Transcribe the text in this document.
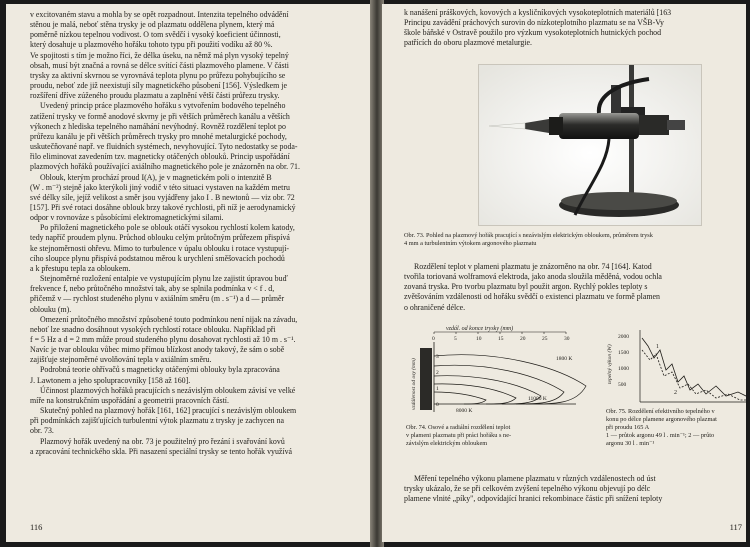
v excitovaném stavu a mohla by se opět rozpadnout. Intenzita tepelného odvádění
stěnou je malá, neboť stěna trysky je od plazmatu oddělena plynem, který má
poměrně nízkou tepelnou vodivost. O tom svědčí i vysoký koeficient účinnosti,
který dosahuje u plazmového hořáku tohoto typu při použití vodíku až 80 %.
Ve spojitosti s tím je možno říci, že délka úseku, na němž má plyn vysoký tepelný
obsah, musí být značná a rovná se délce svítící části plazmového plamene. V části
trysky za aktivní skvrnou se vyrovnává teplota plynu po průřezu pohybujícího se
proudu, neboť zde již neexistují síly magnetického působení [156]. Výsledkem je
rozšíření dříve zúženého proudu plazmatu a zaplnění větší části průřezu trysky.

Uvedený princip práce plazmového hořáku s vytvořením bodového tepelného
zatížení trysky ve formě anodové skvrny je při větších průměrech kanálu a větších
výkonech z hlediska tepelného namáhání nevýhodný. Rovněž rozdělení teplot po
průřezu kanálu je při větších průměrech trysky pro mnohé metalurgické pochody,
uskutečňované např. ve fluidních systémech, nevyhovující. Tyto nedostatky se poda-
řilo eliminovat zavedením tzv. magneticky otáčených oblouků. Princip uspořádání
plazmových hořáků používající axiálního magnetického pole je znázorněn na obr. 71.

Oblouk, kterým prochází proud I(A), je v magnetickém poli o intenzitě B
(W . m⁻²) stejně jako kterýkoli jiný vodič v této situaci vystaven na každém metru
své délky síle, jejíž velikost a směr jsou vyjádřeny jako I . B newtonů — viz obr. 72
[157]. Při své rotaci dosáhne oblouk brzy takové rychlosti, při níž je aerodynamický
odpor v rovnováze s působícími elektromagnetickými silami.

Po přiložení magnetického pole se oblouk otáčí vysokou rychlostí kolem katody,
tedy napříč proudem plynu. Průchod oblouku celým průtočným průřezem přispívá
ke stejnoměrnosti ohřevu. Mimo to turbulence v úpalu oblouku i rotace vystupují-
cího sloupce plynu přispívá podstatnou měrou k urychlení směšovacích pochodů
a k přestupu tepla za obloukem.

Stejnoměrné rozložení entalpie ve vystupujícím plynu lze zajistit úpravou buď
frekvence f, nebo průtočného množství tak, aby se splnila podmínka v < f . d,
přičemž v — rychlost studeného plynu v axiálním směru (m . s⁻¹) a d — průměr
oblouku (m).

Omezení průtočného množství způsobené touto podmínkou není nijak na závadu,
neboť lze snadno dosáhnout vysokých rychlostí rotace oblouku. Například při
f = 5 Hz a d = 2 mm může proud studeného plynu dosahovat rychlosti až 10 m . s⁻¹.
Navíc je tvar oblouku vůbec mimo přímou blízkost anody takový, že sám o sobě
zajišťuje stejnoměrné uvolňování tepla v axiálním směru.

Podrobná teorie ohřívačů s magneticky otáčenými oblouky byla zpracována
J. Lawtonem a jeho spolupracovníky [158 až 160].

Účinnost plazmových hořáků pracujících s nezávislým obloukem závisí ve velké
míře na konstrukčním uspořádání a geometrii pracovních částí.

Skutečný pohled na plazmový hořák [161, 162] pracující s nezávislým obloukem
při podmínkách zajišťujících turbulentní výtok plazmatu z trysky je zachycen na
obr. 73.

Plazmový hořák uvedený na obr. 73 je použitelný pro řezání i svařování kovů
a zpracování technického skla. Při nasazení speciální trysky se tento hořák využívá

116
k nanášení práškových, kovových a kysličníkových vysokoteplotních materiálů [163
Principu zavádění práchových surovin do nízkoteplotního plazmatu se na VŠB-Vy
škole báňské v Ostravě použilo pro výzkum vysokoteplotních hutnických pochod
patřících do oboru plazmové metalurgie.
Obr. 73. Pohled na plazmový hořák pracující s nezávislým elektrickým obloukem, průměrem trysk
4 mm a turbulentním výtokem argonového plazmatu
Rozdělení teplot v plameni plazmatu je znázorněno na obr. 74 [164]. Katod
tvořila toriovaná wolframová elektroda, jako anoda sloužila měděná, vodou ochla
zovaná tryska. Pro tvorbu plazmatu byl použit argon. Rychlý pokles teploty s
zvětšováním vzdálenosti od hořáku svědčí o existenci plazmatu ve formě plamen
o ohraničené délce.
vzdál. od konce trysky (mm)
0	5	10	15	20	25	30
3
2
1
0
vzdálenost od osy (mm)	1800 K
8000 K
11000 K
Obr. 74. Osové a radiální rozdělení teplot
v plameni plazmatu při práci hořáku s ne-
závislým elektrickým obloukem
tepelný výkon (W)
2000
1500
1000
500
1
2
Obr. 75. Rozdělení efektivního tepelného v
konu po délce plamene argonového plazmat
při proudu 165 A
1 — průtok argonu 49 l . min⁻¹; 2 — průto
argonu 30 l . min⁻¹
Měření tepelného výkonu plamene plazmatu v různých vzdálenostech od úst
trysky ukázalo, že se při celkovém zvýšení tepelného výkonu objevují po délc
plamene vlnité „píky", odpovídající hranici rekombinace částic při snížení teploty
117
